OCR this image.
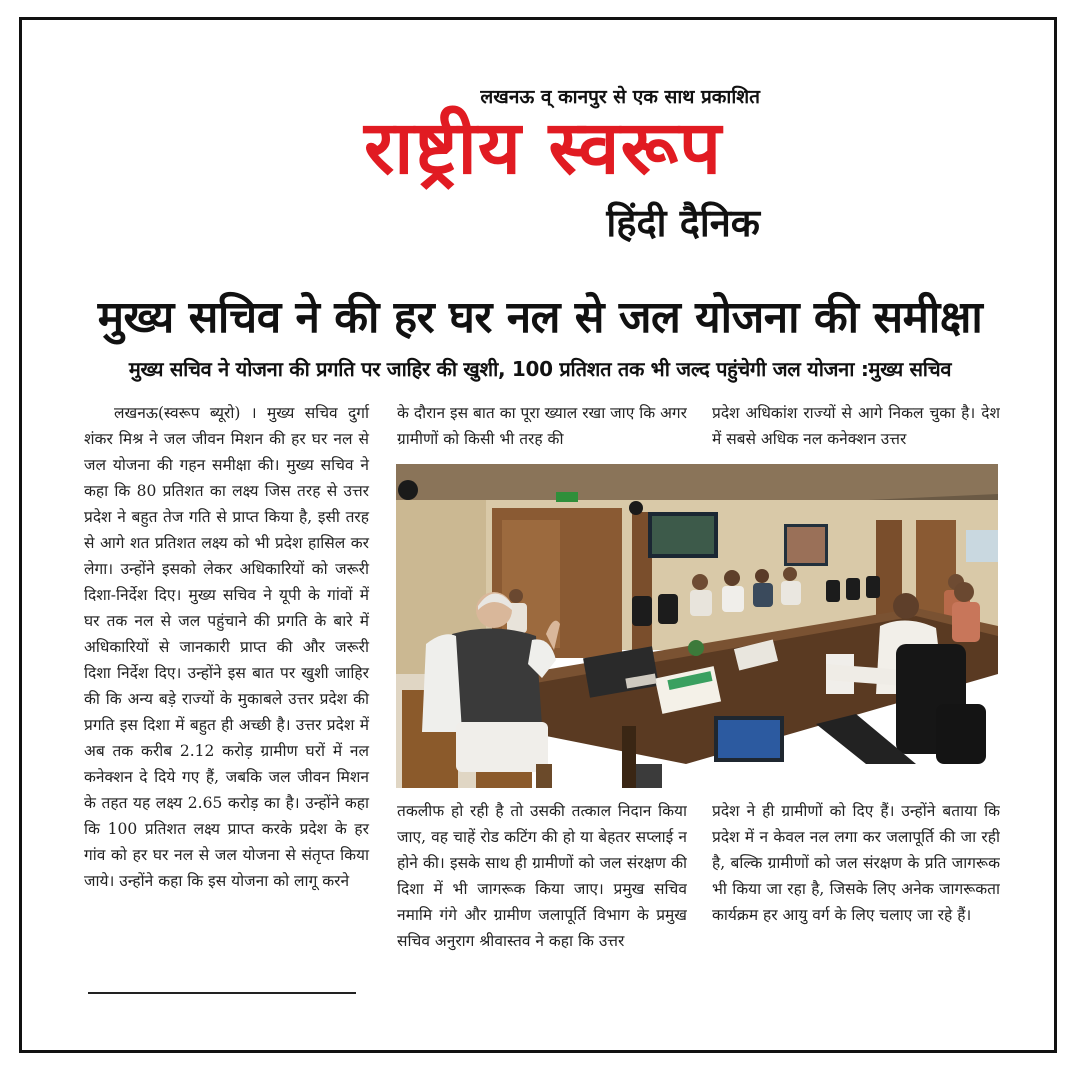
लखनऊ व् कानपुर से एक साथ प्रकाशित
राष्ट्रीय स्वरूप
हिंदी दैनिक
मुख्य सचिव ने की हर घर नल से जल योजना की समीक्षा
मुख्य सचिव ने योजना की प्रगति पर जाहिर की खुशी, 100 प्रतिशत तक भी जल्द पहुंचेगी जल योजना :मुख्य सचिव

लखनऊ(स्वरूप ब्यूरो) । मुख्य सचिव दुर्गा शंकर मिश्र ने जल जीवन मिशन की हर घर नल से जल योजना की गहन समीक्षा की। मुख्य सचिव ने कहा कि 80 प्रतिशत का लक्ष्य जिस तरह से उत्तर प्रदेश ने बहुत तेज गति से प्राप्त किया है, इसी तरह से आगे शत प्रतिशत लक्ष्य को भी प्रदेश हासिल कर लेगा। उन्होंने इसको लेकर अधिकारियों को जरूरी दिशा-निर्देश दिए। मुख्य सचिव ने यूपी के गांवों में घर तक नल से जल पहुंचाने की प्रगति के बारे में अधिकारियों से जानकारी प्राप्त की और जरूरी दिशा निर्देश दिए। उन्होंने इस बात पर खुशी जाहिर की कि अन्य बड़े राज्यों के मुकाबले उत्तर प्रदेश की प्रगति इस दिशा में बहुत ही अच्छी है। उत्तर प्रदेश में अब तक करीब 2.12 करोड़ ग्रामीण घरों में नल कनेक्शन दे दिये गए हैं, जबकि जल जीवन मिशन के तहत यह लक्ष्य 2.65 करोड़ का है। उन्होंने कहा कि 100 प्रतिशत लक्ष्य प्राप्त करके प्रदेश के हर गांव को हर घर नल से जल योजना से संतृप्त किया जाये। उन्होंने कहा कि इस योजना को लागू करने

के दौरान इस बात का पूरा ख्याल रखा जाए कि अगर ग्रामीणों को किसी भी तरह की

प्रदेश अधिकांश राज्यों से आगे निकल चुका है। देश में सबसे अधिक नल कनेक्शन उत्तर

तकलीफ हो रही है तो उसकी तत्काल निदान किया जाए, वह चाहें रोड कटिंग की हो या बेहतर सप्लाई न होने की। इसके साथ ही ग्रामीणों को जल संरक्षण की दिशा में भी जागरूक किया जाए। प्रमुख सचिव नमामि गंगे और ग्रामीण जलापूर्ति विभाग के प्रमुख सचिव अनुराग श्रीवास्तव ने कहा कि उत्तर

प्रदेश ने ही ग्रामीणों को दिए हैं। उन्होंने बताया कि प्रदेश में न केवल नल लगा कर जलापूर्ति की जा रही है, बल्कि ग्रामीणों को जल संरक्षण के प्रति जागरूक भी किया जा रहा है, जिसके लिए अनेक जागरूकता कार्यक्रम हर आयु वर्ग के लिए चलाए जा रहे हैं।
